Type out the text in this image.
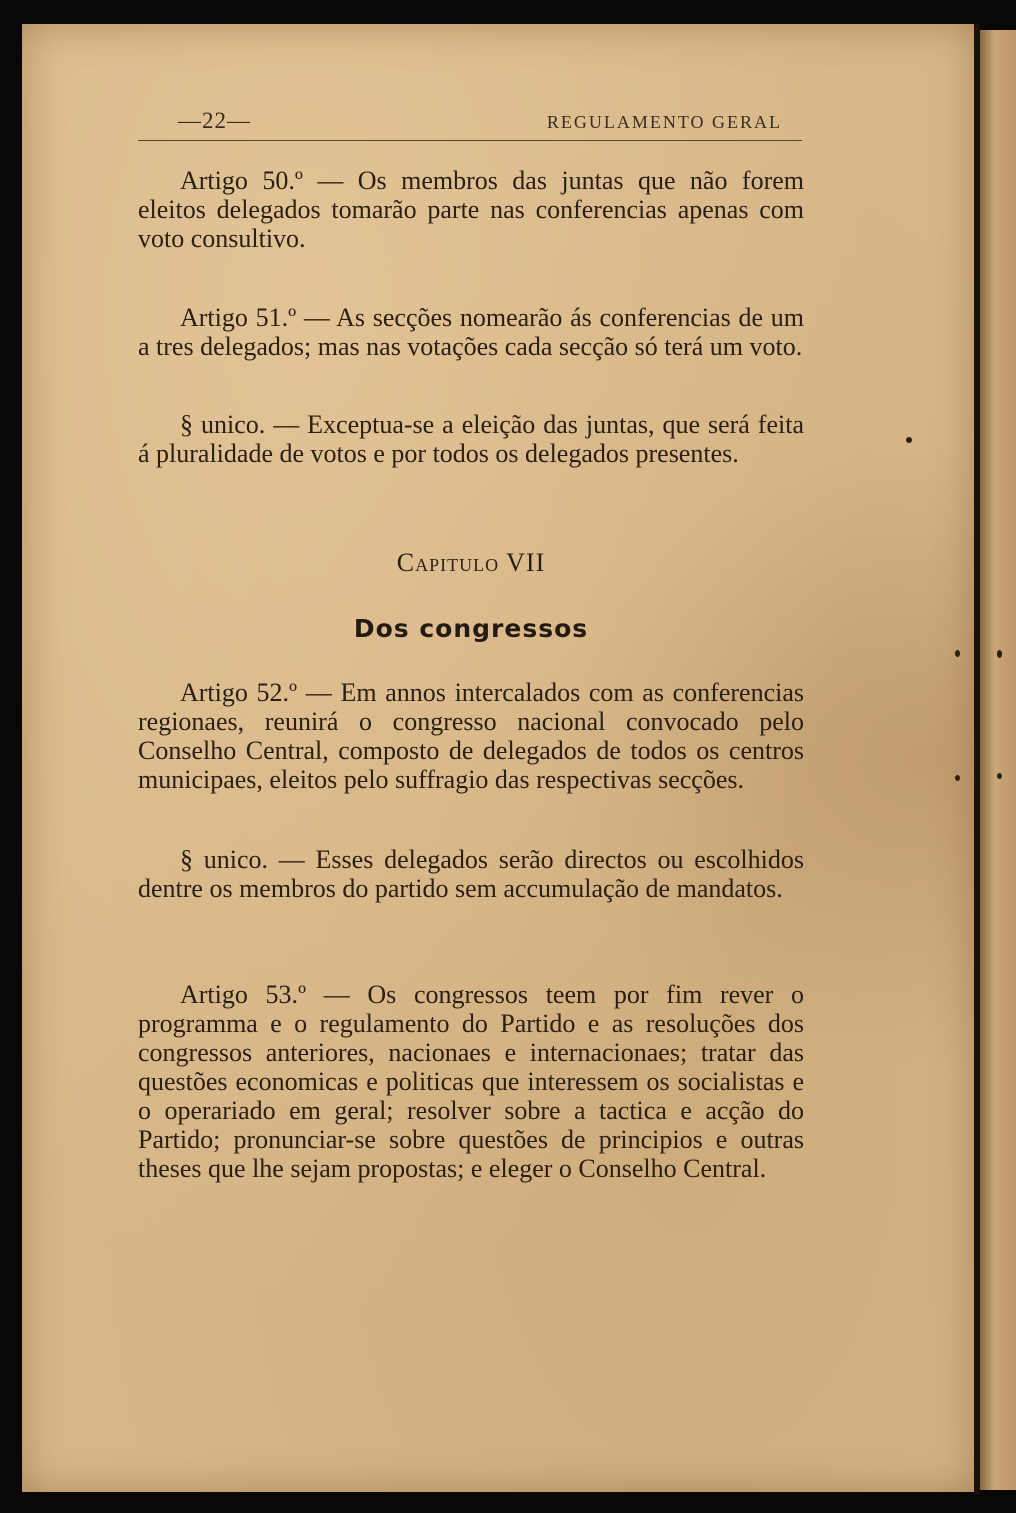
—22—	REGULAMENTO GERAL

Artigo 50.º — Os membros das juntas que não forem eleitos delegados tomarão parte nas conferencias apenas com voto consultivo.

Artigo 51.º — As secções nomearão ás conferencias de um a tres delegados; mas nas votações cada secção só terá um voto.

§ unico. — Exceptua-se a eleição das juntas, que será feita á pluralidade de votos e por todos os delegados presentes.

Capitulo VII
Dos congressos

Artigo 52.º — Em annos intercalados com as conferencias regionaes, reunirá o congresso nacional convocado pelo Conselho Central, composto de delegados de todos os centros municipaes, eleitos pelo suffragio das respectivas secções.

§ unico. — Esses delegados serão directos ou escolhidos dentre os membros do partido sem accumulação de mandatos.

Artigo 53.º — Os congressos teem por fim rever o programma e o regulamento do Partido e as resoluções dos congressos anteriores, nacionaes e internacionaes; tratar das questões economicas e politicas que interessem os socialistas e o operariado em geral; resolver sobre a tactica e acção do Partido; pronunciar-se sobre questões de principios e outras theses que lhe sejam propostas; e eleger o Conselho Central.
